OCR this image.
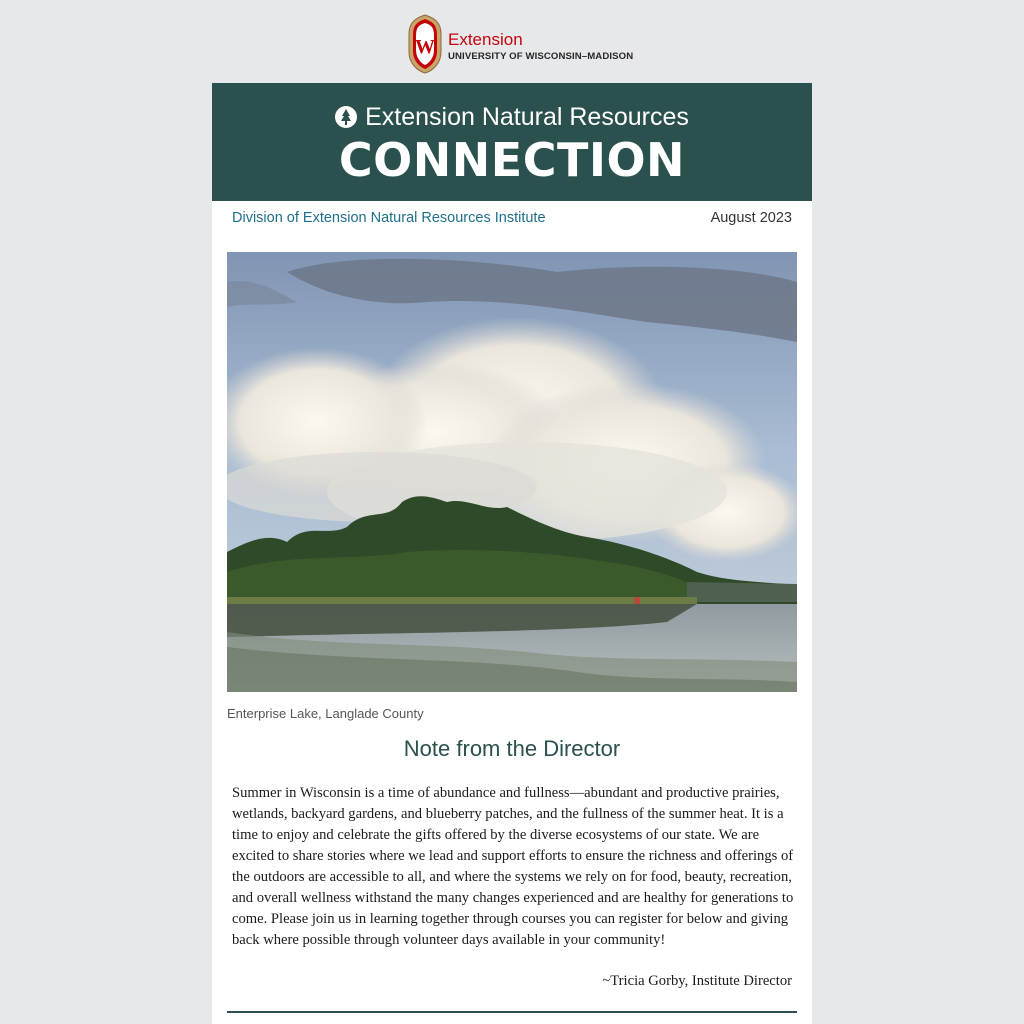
W Extension
UNIVERSITY OF WISCONSIN–MADISON
Extension Natural Resources
CONNECTION
Division of Extension Natural Resources Institute	August 2023
Enterprise Lake, Langlade County
Note from the Director
Summer in Wisconsin is a time of abundance and fullness—abundant and productive prairies, wetlands, backyard gardens, and blueberry patches, and the fullness of the summer heat. It is a time to enjoy and celebrate the gifts offered by the diverse ecosystems of our state. We are excited to share stories where we lead and support efforts to ensure the richness and offerings of the outdoors are accessible to all, and where the systems we rely on for food, beauty, recreation, and overall wellness withstand the many changes experienced and are healthy for generations to come. Please join us in learning together through courses you can register for below and giving back where possible through volunteer days available in your community!
~Tricia Gorby, Institute Director
